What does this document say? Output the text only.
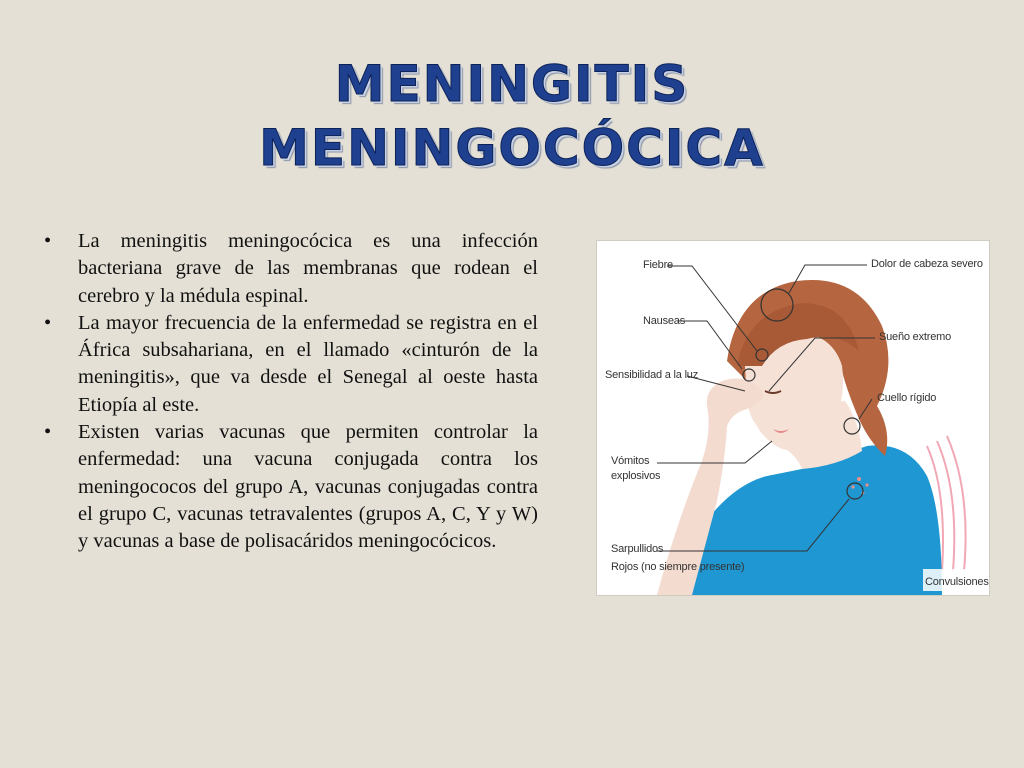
MENINGITIS
MENINGOCÓCICA
•	La meningitis meningocócica es una infección bacteriana grave de las membranas que rodean el cerebro y la médula espinal.
•	La mayor frecuencia de la enfermedad se registra en el África subsahariana, en el llamado «cinturón de la meningitis», que va desde el Senegal al oeste hasta Etiopía al este.
•	Existen varias vacunas que permiten controlar la enfermedad: una vacuna conjugada contra los meningococos del grupo A, vacunas conjugadas contra el grupo C, vacunas tetravalentes (grupos A, C, Y y W) y vacunas a base de polisacáridos meningocócicos.
Fiebre	Dolor de cabeza severo
Nauseas
Sueño extremo
Sensibilidad a la luz
Cuello rígido
Vómitos
explosivos
Sarpullidos
Rojos (no siempre presente)
Convulsiones
